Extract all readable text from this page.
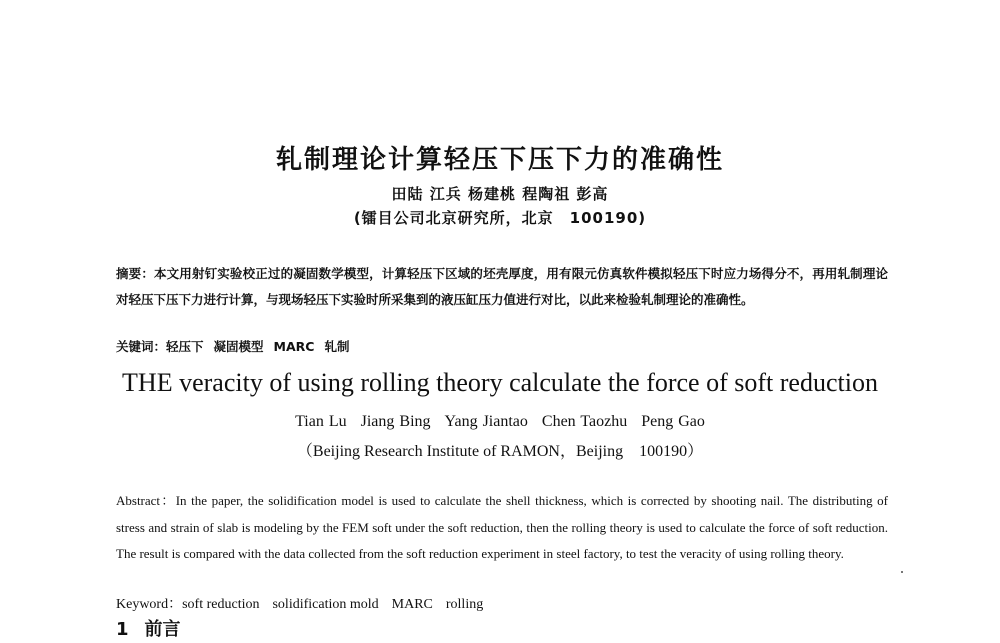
轧制理论计算轻压下压下力的准确性
田陆 江兵 杨建桃 程陶祖 彭高
(镭目公司北京研究所，北京　100190)
摘要：本文用射钉实验校正过的凝固数学模型，计算轻压下区域的坯壳厚度，用有限元仿真软件模拟轻压下时应力场得分不，再用轧制理论对轻压下压下力进行计算，与现场轻压下实验时所采集到的液压缸压力值进行对比，以此来检验轧制理论的准确性。
关键词：轻压下 凝固模型 MARC 轧制
THE veracity of using rolling theory calculate the force of soft reduction
Tian Lu Jiang Bing Yang Jiantao Chen Taozhu Peng Gao
（Beijing Research Institute of RAMON，Beijing　100190）
Abstract：In the paper, the solidification model is used to calculate the shell thickness, which is corrected by shooting nail. The distributing of stress and strain of slab is modeling by the FEM soft under the soft reduction, then the rolling theory is used to calculate the force of soft reduction. The result is compared with the data collected from the soft reduction experiment in steel factory, to test the veracity of using rolling theory.
Keyword：soft reduction solidification mold MARC rolling
1 前言
